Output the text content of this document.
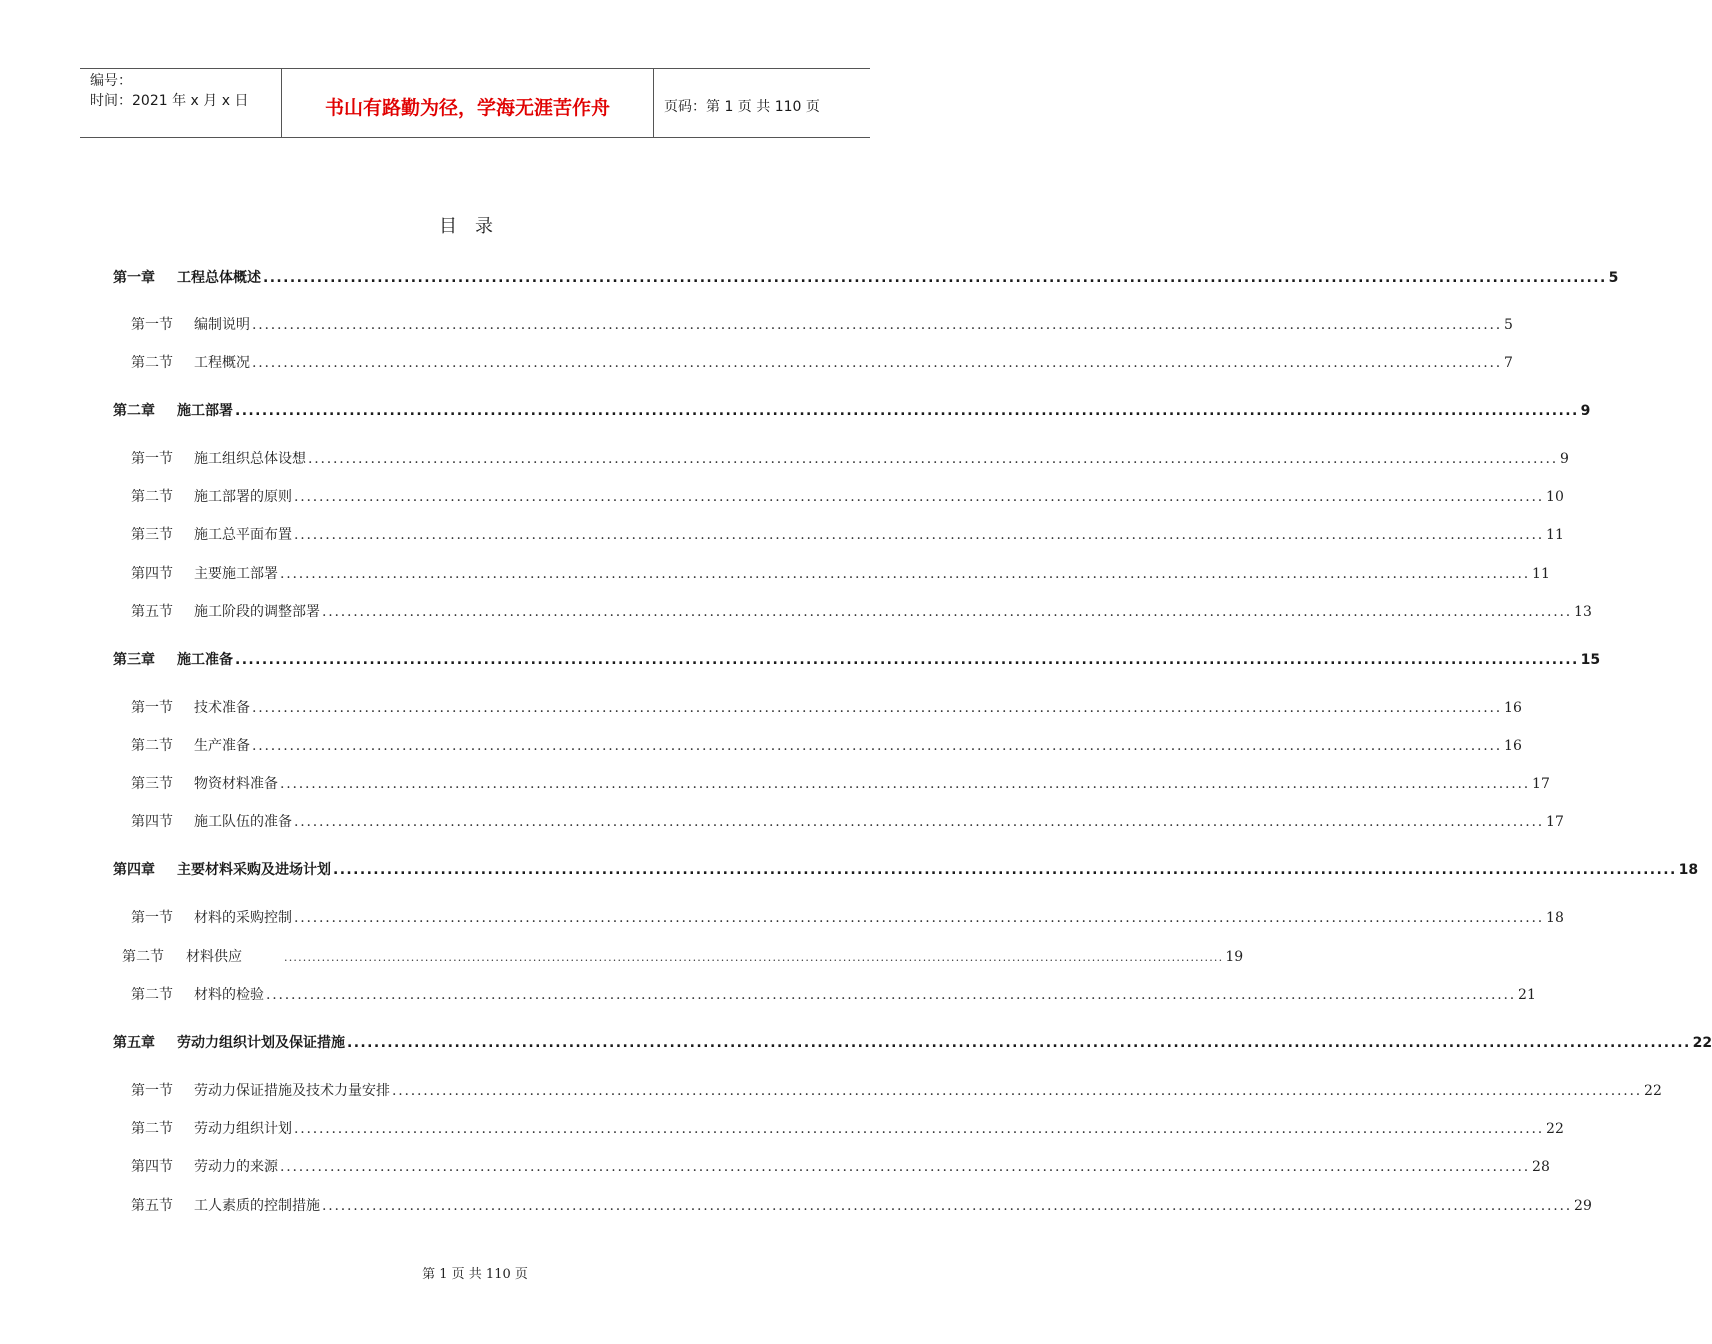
编号：
时间：2021 年 x 月 x 日	书山有路勤为径，学海无涯苦作舟	页码：第 1 页 共 110 页
目录
第一章	工程总体概述 ........................................................................................................................................................................................................ 5
第一节	编制说明 ........................................................................................................................................................................................................ 5
第二节	工程概况 ........................................................................................................................................................................................................ 7
第二章	施工部署 ........................................................................................................................................................................................................ 9
第一节	施工组织总体设想 ........................................................................................................................................................................................................ 9
第二节	施工部署的原则 ........................................................................................................................................................................................................ 10
第三节	施工总平面布置 ........................................................................................................................................................................................................ 11
第四节	主要施工部署 ........................................................................................................................................................................................................ 11
第五节	施工阶段的调整部署 ........................................................................................................................................................................................................ 13
第三章	施工准备 ........................................................................................................................................................................................................ 15
第一节	技术准备 ........................................................................................................................................................................................................ 16
第二节	生产准备 ........................................................................................................................................................................................................ 16
第三节	物资材料准备 ........................................................................................................................................................................................................ 17
第四节	施工队伍的准备 ........................................................................................................................................................................................................ 17
第四章	主要材料采购及进场计划 ........................................................................................................................................................................................................ 18
第一节	材料的采购控制 ........................................................................................................................................................................................................ 18
第二节	材料供应	........................................................................................................................................................................................................ 19
第二节	材料的检验 ........................................................................................................................................................................................................ 21
第五章	劳动力组织计划及保证措施 ........................................................................................................................................................................................................ 22
第一节	劳动力保证措施及技术力量安排 ........................................................................................................................................................................................................ 22
第二节	劳动力组织计划 ........................................................................................................................................................................................................ 22
第四节	劳动力的来源 ........................................................................................................................................................................................................ 28
第五节	工人素质的控制措施 ........................................................................................................................................................................................................ 29
第 1 页 共 110 页
